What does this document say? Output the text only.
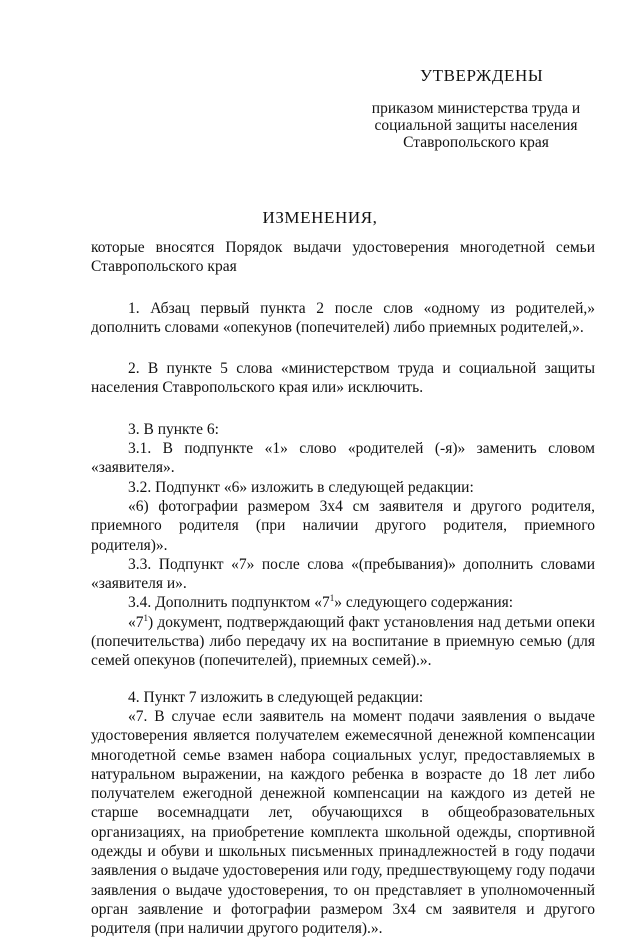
УТВЕРЖДЕНЫ
приказом министерства труда и
социальной защиты населения
Ставропольского края
ИЗМЕНЕНИЯ,

которые вносятся Порядок выдачи удостоверения многодетной семьи Ставропольского края

1. Абзац первый пункта 2 после слов «одному из родителей,» дополнить словами «опекунов (попечителей) либо приемных родителей,».

2. В пункте 5 слова «министерством труда и социальной защиты населения Ставропольского края или» исключить.

3. В пункте 6:

3.1. В подпункте «1» слово «родителей (-я)» заменить словом «заявителя».

3.2. Подпункт «6» изложить в следующей редакции:

«6) фотографии размером 3х4 см заявителя и другого родителя, приемного родителя (при наличии другого родителя, приемного родителя)».

3.3. Подпункт «7» после слова «(пребывания)» дополнить словами «заявителя и».

3.4. Дополнить подпунктом «$7^1$» следующего содержания:

«$7^1$) документ, подтверждающий факт установления над детьми опеки (попечительства) либо передачу их на воспитание в приемную семью (для семей опекунов (попечителей), приемных семей).».

4. Пункт 7 изложить в следующей редакции:

«7. В случае если заявитель на момент подачи заявления о выдаче удостоверения является получателем ежемесячной денежной компенсации многодетной семье взамен набора социальных услуг, предоставляемых в натуральном выражении, на каждого ребенка в возрасте до 18 лет либо получателем ежегодной денежной компенсации на каждого из детей не старше восемнадцати лет, обучающихся в общеобразовательных организациях, на приобретение комплекта школьной одежды, спортивной одежды и обуви и школьных письменных принадлежностей в году подачи заявления о выдаче удостоверения или году, предшествующему году подачи заявления о выдаче удостоверения, то он представляет в уполномоченный орган заявление и фотографии размером 3х4 см заявителя и другого родителя (при наличии другого родителя).».
